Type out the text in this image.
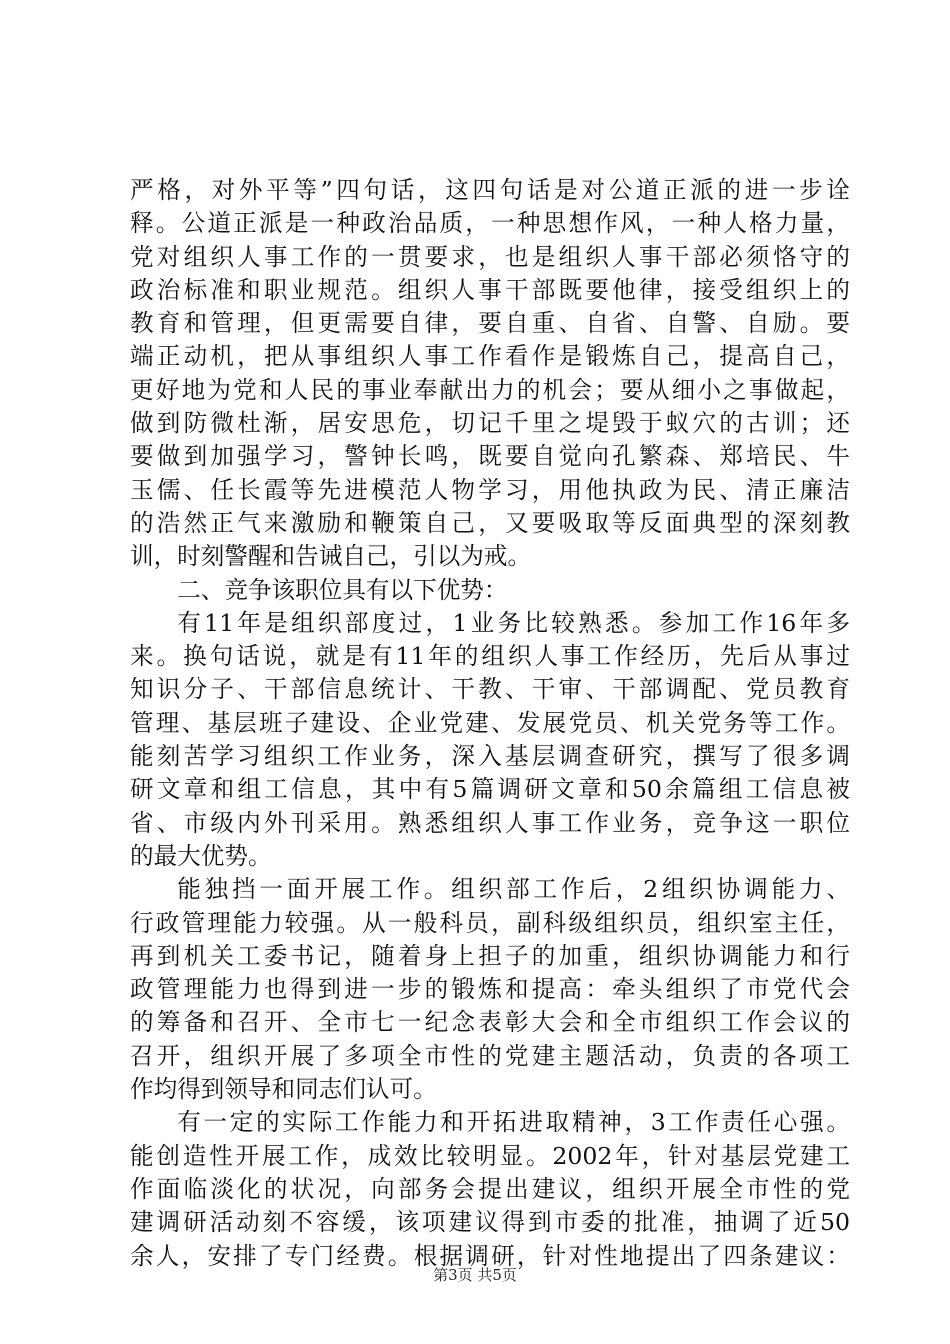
严格，对外平等”四句话，这四句话是对公道正派的进一步诠
释。公道正派是一种政治品质，一种思想作风，一种人格力量，
党对组织人事工作的一贯要求，也是组织人事干部必须恪守的
政治标准和职业规范。组织人事干部既要他律，接受组织上的
教育和管理，但更需要自律，要自重、自省、自警、自励。要
端正动机，把从事组织人事工作看作是锻炼自己，提高自己，
更好地为党和人民的事业奉献出力的机会；要从细小之事做起，
做到防微杜渐，居安思危，切记千里之堤毁于蚁穴的古训；还
要做到加强学习，警钟长鸣，既要自觉向孔繁森、郑培民、牛
玉儒、任长霞等先进模范人物学习，用他执政为民、清正廉洁
的浩然正气来激励和鞭策自己，又要吸取等反面典型的深刻教
训，时刻警醒和告诫自己，引以为戒。
二、竞争该职位具有以下优势：
有11年是组织部度过，1业务比较熟悉。参加工作16年多
来。换句话说，就是有11年的组织人事工作经历，先后从事过
知识分子、干部信息统计、干教、干审、干部调配、党员教育
管理、基层班子建设、企业党建、发展党员、机关党务等工作。
能刻苦学习组织工作业务，深入基层调查研究，撰写了很多调
研文章和组工信息，其中有5篇调研文章和50余篇组工信息被
省、市级内外刊采用。熟悉组织人事工作业务，竞争这一职位
的最大优势。
能独挡一面开展工作。组织部工作后，2组织协调能力、
行政管理能力较强。从一般科员，副科级组织员，组织室主任，
再到机关工委书记，随着身上担子的加重，组织协调能力和行
政管理能力也得到进一步的锻炼和提高：牵头组织了市党代会
的筹备和召开、全市七一纪念表彰大会和全市组织工作会议的
召开，组织开展了多项全市性的党建主题活动，负责的各项工
作均得到领导和同志们认可。
有一定的实际工作能力和开拓进取精神，3工作责任心强。
能创造性开展工作，成效比较明显。2002年，针对基层党建工
作面临淡化的状况，向部务会提出建议，组织开展全市性的党
建调研活动刻不容缓，该项建议得到市委的批准，抽调了近50
余人，安排了专门经费。根据调研，针对性地提出了四条建议：
第3页 共5页
